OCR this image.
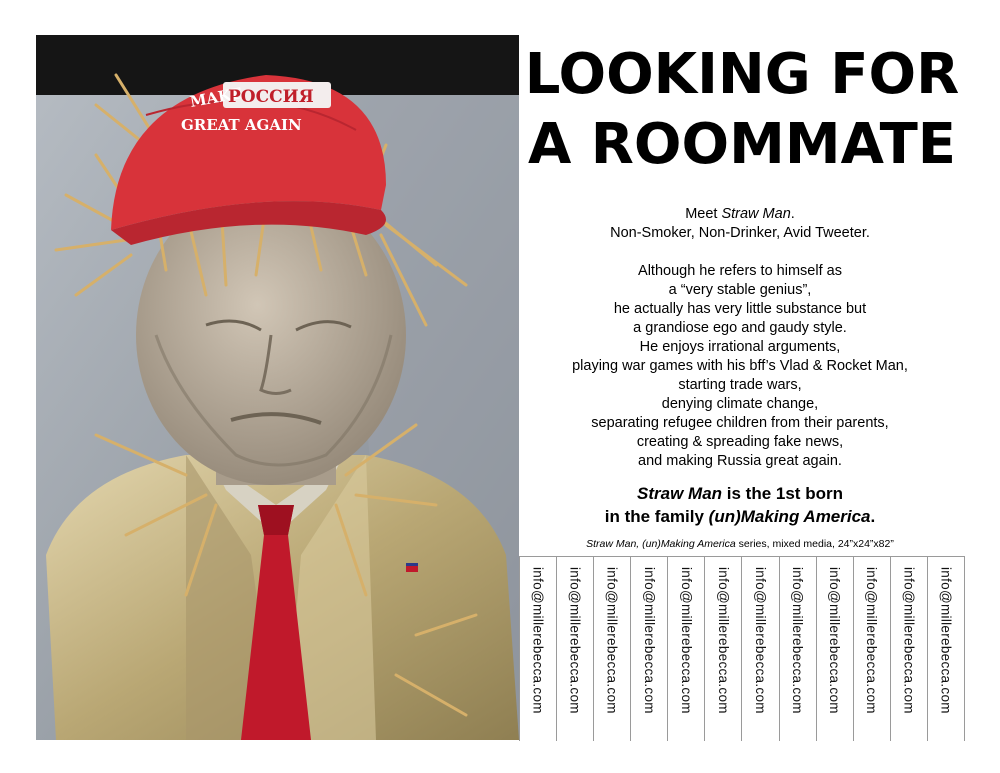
MAKE
РОССИЯ
GREAT AGAIN
LOOKING FOR
A ROOMMATE
Meet Straw Man.
Non-Smoker, Non-Drinker, Avid Tweeter.
Although he refers to himself as
a “very stable genius”,
he actually has very little substance but
a grandiose ego and gaudy style.
He enjoys irrational arguments,
playing war games with his bff’s Vlad & Rocket Man,
starting trade wars,
denying climate change,
separating refugee children from their parents,
creating & spreading fake news,
and making Russia great again.
Straw Man is the 1st born
in the family (un)Making America.
Straw Man, (un)Making America series, mixed media, 24”x24”x82”
info@millerebecca.com info@millerebecca.com info@millerebecca.com info@millerebecca.com info@millerebecca.com info@millerebecca.com info@millerebecca.com info@millerebecca.com info@millerebecca.com info@millerebecca.com info@millerebecca.com info@millerebecca.com
